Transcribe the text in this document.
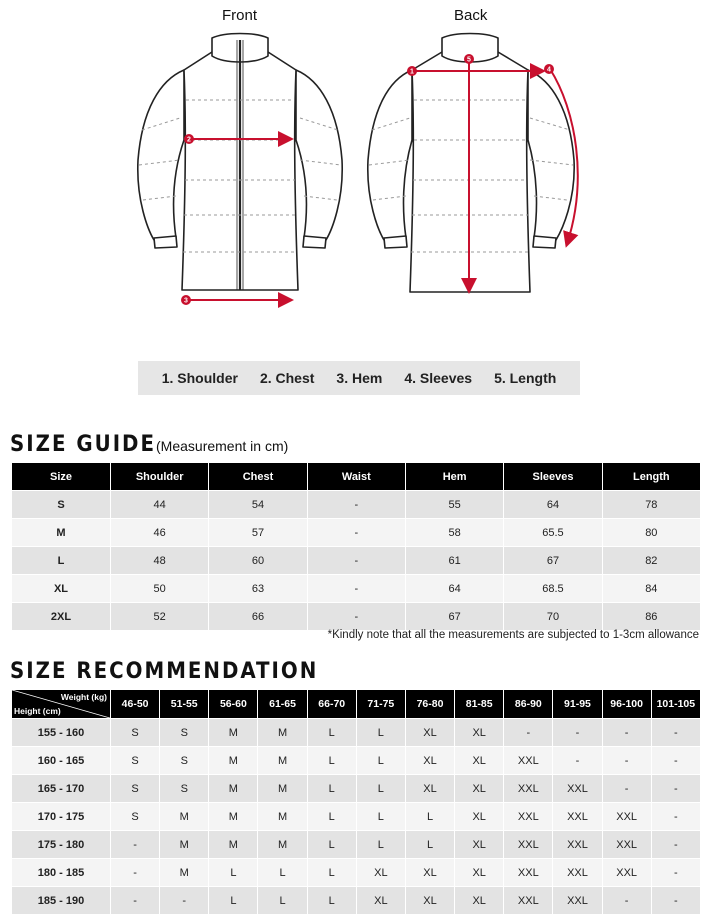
Front	Back
2
3
1
5
4
1. Shoulder 2. Chest 3. Hem 4. Sleeves 5. Length
SIZE GUIDE(Measurement in cm)
Size	Shoulder	Chest	Waist	Hem	Sleeves	Length
S	44	54	-	55	64	78
M	46	57	-	58	65.5	80
L	48	60	-	61	67	82
XL	50	63	-	64	68.5	84
2XL	52	66	-	67	70	86
*Kindly note that all the measurements are subjected to 1-3cm allowance
SIZE RECOMMENDATION
Weight (kg)
Height (cm)	46-50	51-55	56-60	61-65	66-70	71-75	76-80	81-85	86-90	91-95	96-100	101-105
155 - 160	S	S	M	M	L	L	XL	XL	-	-	-	-
160 - 165	S	S	M	M	L	L	XL	XL	XXL	-	-	-
165 - 170	S	S	M	M	L	L	XL	XL	XXL	XXL	-	-
170 - 175	S	M	M	M	L	L	L	XL	XXL	XXL	XXL	-
175 - 180	-	M	M	M	L	L	L	XL	XXL	XXL	XXL	-
180 - 185	-	M	L	L	L	XL	XL	XL	XXL	XXL	XXL	-
185 - 190	-	-	L	L	L	XL	XL	XL	XXL	XXL	-	-
